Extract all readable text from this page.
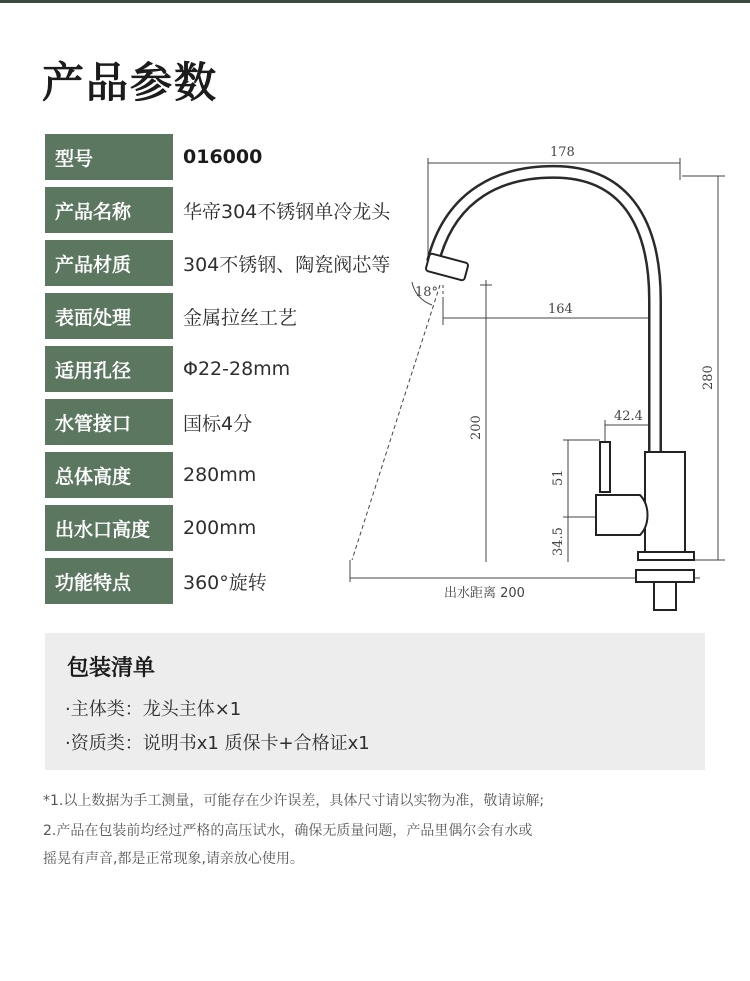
产品参数
型号	016000
产品名称	华帝304不锈钢单冷龙头
产品材质	304不锈钢、陶瓷阀芯等
表面处理	金属拉丝工艺
适用孔径	Φ22-28mm
水管接口	国标4分
总体高度	280mm
出水口高度	200mm
功能特点	360°旋转
178
164
280
200	42.4
51
34.5
18°
出水距离 200
包装清单
·主体类：龙头主体×1
·资质类：说明书x1 质保卡+合格证x1
*1.以上数据为手工测量，可能存在少许误差，具体尺寸请以实物为准，敬请谅解;
2.产品在包装前均经过严格的高压试水，确保无质量问题，产品里偶尔会有水或
摇晃有声音,都是正常现象,请亲放心使用。
